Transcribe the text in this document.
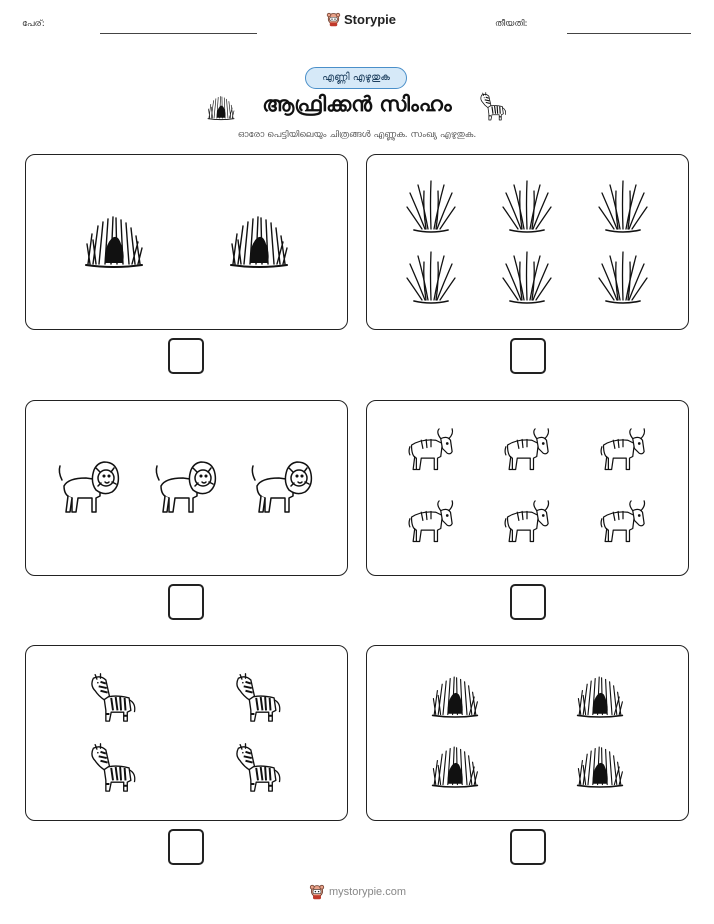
പേര്:	Storypie	തീയതി:
എണ്ണി എഴുതുക
ആഫ്രിക്കൻ സിംഹം
ഓരോ പെട്ടിയിലെയും ചിത്രങ്ങൾ എണ്ണുക. സംഖ്യ എഴുതുക.
mystorypie.com
